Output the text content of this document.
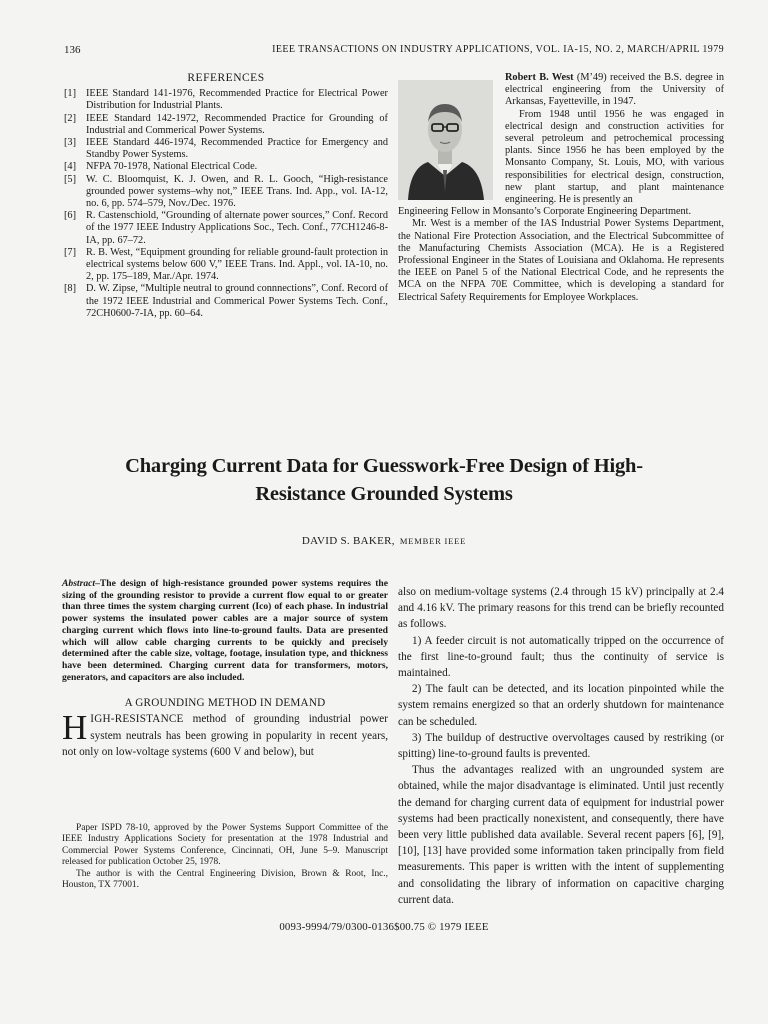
136	IEEE TRANSACTIONS ON INDUSTRY APPLICATIONS, VOL. IA-15, NO. 2, MARCH/APRIL 1979
REFERENCES
[1] IEEE Standard 141-1976, Recommended Practice for Electrical Power Distribution for Industrial Plants.
[2] IEEE Standard 142-1972, Recommended Practice for Grounding of Industrial and Commerical Power Systems.
[3] IEEE Standard 446-1974, Recommended Practice for Emergency and Standby Power Systems.
[4] NFPA 70-1978, National Electrical Code.
[5] W. C. Bloomquist, K. J. Owen, and R. L. Gooch, “High-resistance grounded power systems–why not,” IEEE Trans. Ind. App., vol. IA-12, no. 6, pp. 574–579, Nov./Dec. 1976.
[6] R. Castenschiold, “Grounding of alternate power sources,” Conf. Record of the 1977 IEEE Industry Applications Soc., Tech. Conf., 77CH1246-8-IA, pp. 67–72.
[7] R. B. West, “Equipment grounding for reliable ground-fault protection in electrical systems below 600 V,” IEEE Trans. Ind. Appl., vol. IA-10, no. 2, pp. 175–189, Mar./Apr. 1974.
[8] D. W. Zipse, “Multiple neutral to ground connnections”, Conf. Record of the 1972 IEEE Industrial and Commerical Power Systems Tech. Conf., 72CH0600-7-IA, pp. 60–64.

Robert B. West (M’49) received the B.S. degree in electrical engineering from the University of Arkansas, Fayetteville, in 1947.

From 1948 until 1956 he was engaged in electrical design and construction activities for several petroleum and petrochemical processing plants. Since 1956 he has been employed by the Monsanto Company, St. Louis, MO, with various responsibilities for electrical design, construction, new plant startup, and plant maintenance engineering. He is presently an

Engineering Fellow in Monsanto’s Corporate Engineering Department.

Mr. West is a member of the IAS Industrial Power Systems Department, the National Fire Protection Association, and the Electrical Subcommittee of the Manufacturing Chemists Association (MCA). He is a Registered Professional Engineer in the States of Louisiana and Oklahoma. He represents the IEEE on Panel 5 of the National Electrical Code, and he represents the MCA on the NFPA 70E Committee, which is developing a standard for Electrical Safety Requirements for Employee Workplaces.

Charging Current Data for Guesswork-Free Design of High-
Resistance Grounded Systems
DAVID S. BAKER, MEMBER IEEE

Abstract–The design of high-resistance grounded power systems requires the sizing of the grounding resistor to provide a current flow equal to or greater than three times the system charging current (Ico) of each phase. In industrial power systems the insulated power cables are a major source of system charging current which flows into line-to-ground faults. Data are presented which will allow cable charging currents to be quickly and precisely determined after the cable size, voltage, footage, insulation type, and thickness have been determined. Charging current data for transformers, motors, generators, and capacitors are also included.

A GROUNDING METHOD IN DEMAND

HIGH-RESISTANCE method of grounding industrial power system neutrals has been growing in popularity in recent years, not only on low-voltage systems (600 V and below), but

Paper ISPD 78-10, approved by the Power Systems Support Committee of the IEEE Industry Applications Society for presentation at the 1978 Industrial and Commercial Power Systems Conference, Cincinnati, OH, June 5–9. Manuscript released for publication October 25, 1978.

The author is with the Central Engineering Division, Brown & Root, Inc., Houston, TX 77001.

also on medium-voltage systems (2.4 through 15 kV) principally at 2.4 and 4.16 kV. The primary reasons for this trend can be briefly recounted as follows.

1) A feeder circuit is not automatically tripped on the occurrence of the first line-to-ground fault; thus the continuity of service is maintained.

2) The fault can be detected, and its location pinpointed while the system remains energized so that an orderly shutdown for maintenance can be scheduled.

3) The buildup of destructive overvoltages caused by restriking (or spitting) line-to-ground faults is prevented.

Thus the advantages realized with an ungrounded system are obtained, while the major disadvantage is eliminated. Until just recently the demand for charging current data of equipment for industrial power systems had been practically nonexistent, and consequently, there have been very little published data available. Several recent papers [6], [9], [10], [13] have provided some information taken principally from field measurements. This paper is written with the intent of supplementing and consolidating the library of information on capacitive charging current data.

0093-9994/79/0300-0136$00.75 © 1979 IEEE
